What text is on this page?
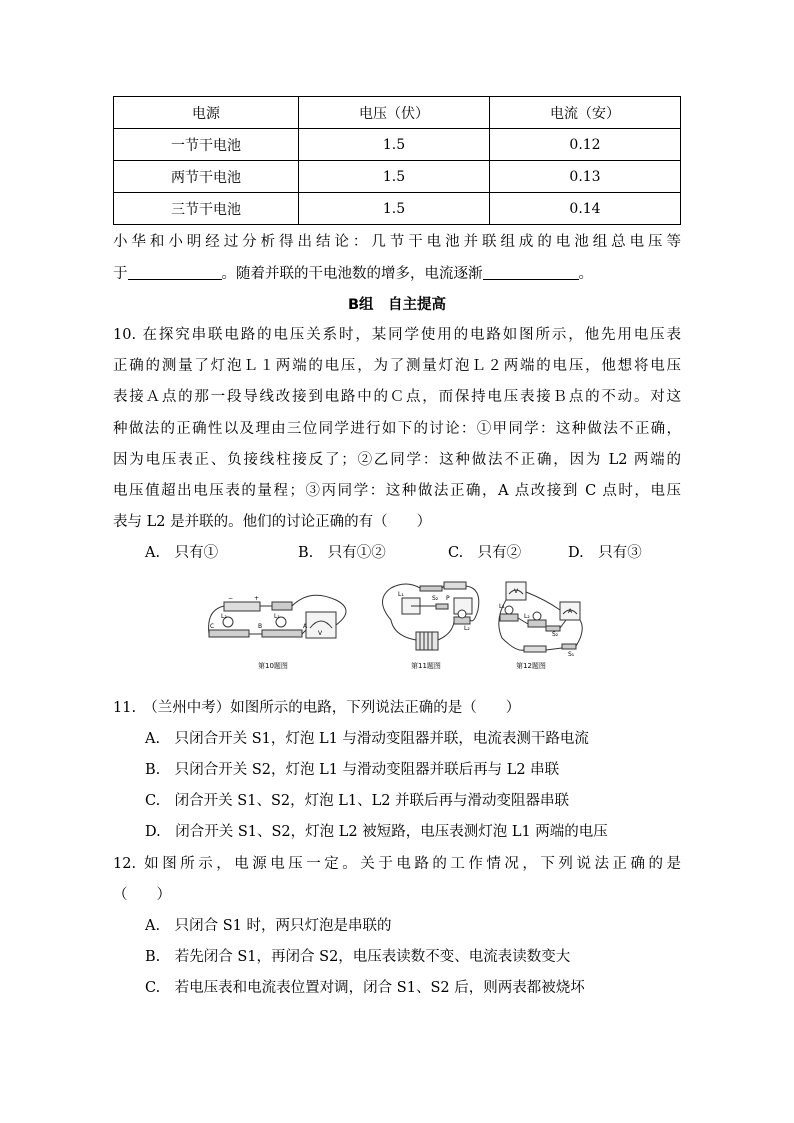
电源	电压（伏）	电流（安）
一节干电池	1.5	0.12
两节干电池	1.5	0.13
三节干电池	1.5	0.14
小华和小明经过分析得出结论：几节干电池并联组成的电池组总电压等
于	。随着并联的干电池数的增多，电流逐渐	。
B组　自主提高
10. 在探究串联电路的电压关系时，某同学使用的电路如图所示，他先用电压表
正确的测量了灯泡Ｌ１两端的电压，为了测量灯泡Ｌ２两端的电压，他想将电压
表接Ａ点的那一段导线改接到电路中的Ｃ点，而保持电压表接Ｂ点的不动。对这
种做法的正确性以及理由三位同学进行如下的讨论：①甲同学：这种做法不正确，
因为电压表正、负接线柱接反了；②乙同学：这种做法不正确，因为 L2 两端的
电压值超出电压表的量程；③丙同学：这种做法正确，A 点改接到 C 点时，电压
表与 L2 是并联的。他们的讨论正确的有（　　）
A.　只有①	B.　只有①②	C.　只有②	D.　只有③
L₂	L₁
C	B	A
−	+
V
第10题图
L₁
S₂ P
L₂
第11题图
L₁
L₂
S₂
S₁
V
A
第12题图
11.　（兰州中考）如图所示的电路，下列说法正确的是（　　）
A.　只闭合开关 S1，灯泡 L1 与滑动变阻器并联，电流表测干路电流
B.　只闭合开关 S2，灯泡 L1 与滑动变阻器并联后再与 L2 串联
C.　闭合开关 S1、S2，灯泡 L1、L2 并联后再与滑动变阻器串联
D.　闭合开关 S1、S2，灯泡 L2 被短路，电压表测灯泡 L1 两端的电压
12. 如图所示，电源电压一定。关于电路的工作情况，下列说法正确的是
（　　）
A.　只闭合 S1 时，两只灯泡是串联的
B.　若先闭合 S1，再闭合 S2，电压表读数不变、电流表读数变大
C.　若电压表和电流表位置对调，闭合 S1、S2 后，则两表都被烧坏
